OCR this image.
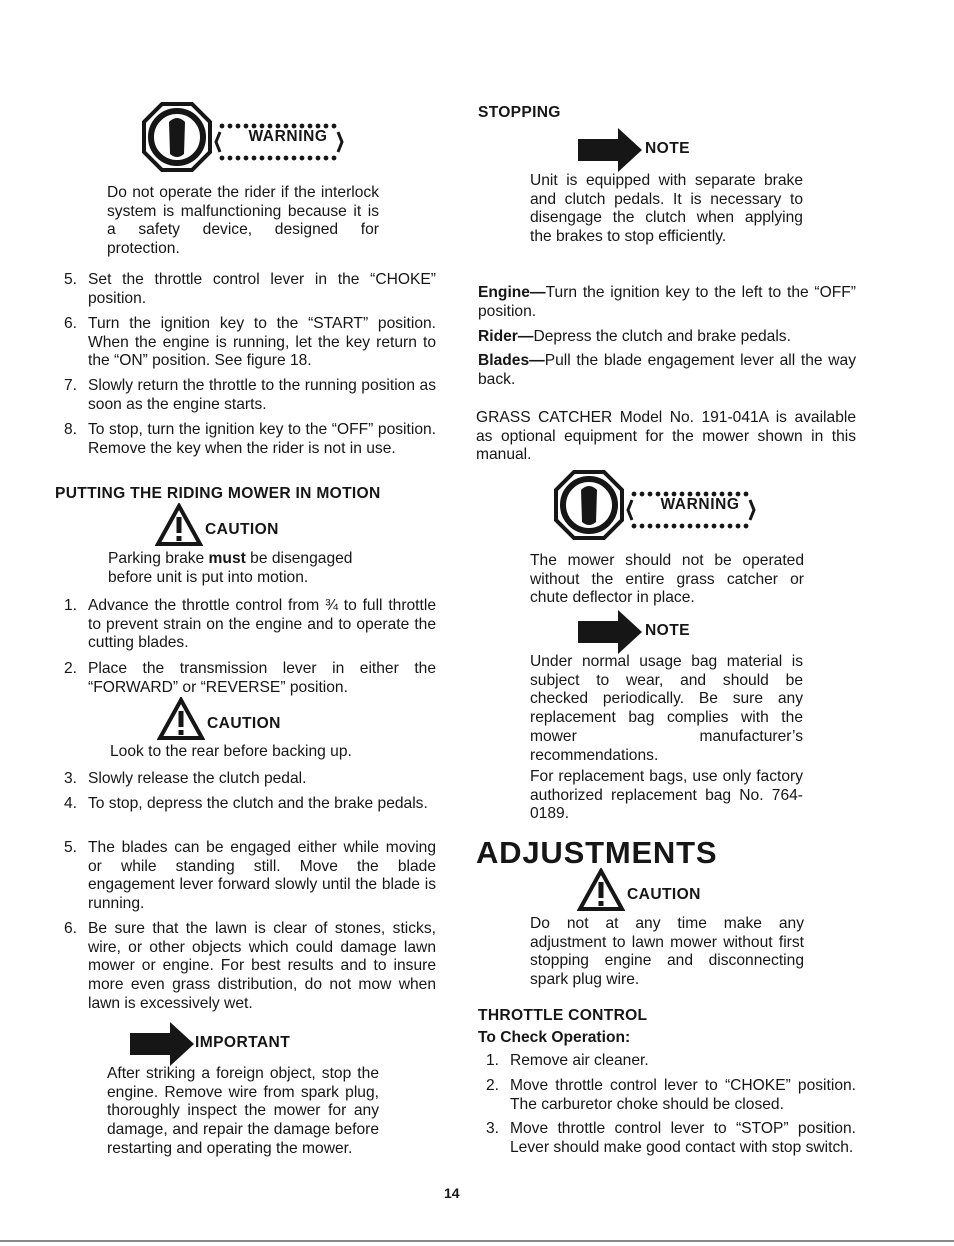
WARNING
Do not operate the rider if the interlock system is malfunctioning because it is a safety device, designed for protection.
5. Set the throttle control lever in the “CHOKE” position.
6. Turn the ignition key to the “START” position. When the engine is running, let the key return to the “ON” position. See figure 18.
7. Slowly return the throttle to the running position as soon as the engine starts.
8. To stop, turn the ignition key to the “OFF” position. Remove the key when the rider is not in use.
PUTTING THE RIDING MOWER IN MOTION
CAUTION
Parking brake must be disengaged before unit is put into motion.
1. Advance the throttle control from ¾ to full throttle to prevent strain on the engine and to operate the cutting blades.
2. Place the transmission lever in either the “FORWARD” or “REVERSE” position.
CAUTION
Look to the rear before backing up.
3. Slowly release the clutch pedal.
4. To stop, depress the clutch and the brake pedals.
5. The blades can be engaged either while moving or while standing still. Move the blade engagement lever forward slowly until the blade is running.
6. Be sure that the lawn is clear of stones, sticks, wire, or other objects which could damage lawn mower or engine. For best results and to insure more even grass distribution, do not mow when lawn is excessively wet.
IMPORTANT
After striking a foreign object, stop the engine. Remove wire from spark plug, thoroughly inspect the mower for any damage, and repair the damage before restarting and operating the mower.
STOPPING
NOTE
Unit is equipped with separate brake and clutch pedals. It is necessary to disengage the clutch when applying the brakes to stop efficiently.
Engine—Turn the ignition key to the left to the “OFF” position.
Rider—Depress the clutch and brake pedals.
Blades—Pull the blade engagement lever all the way back.
GRASS CATCHER Model No. 191-041A is available as optional equipment for the mower shown in this manual.
WARNING
The mower should not be operated without the entire grass catcher or chute deflector in place.
NOTE
Under normal usage bag material is subject to wear, and should be checked periodically. Be sure any replacement bag complies with the mower manufacturer’s recommendations.
For replacement bags, use only factory authorized replacement bag No. 764-0189.
ADJUSTMENTS
CAUTION
Do not at any time make any adjustment to lawn mower without first stopping engine and disconnecting spark plug wire.
THROTTLE CONTROL
To Check Operation:
1. Remove air cleaner.
2. Move throttle control lever to “CHOKE” position. The carburetor choke should be closed.
3. Move throttle control lever to “STOP” position. Lever should make good contact with stop switch.
14
